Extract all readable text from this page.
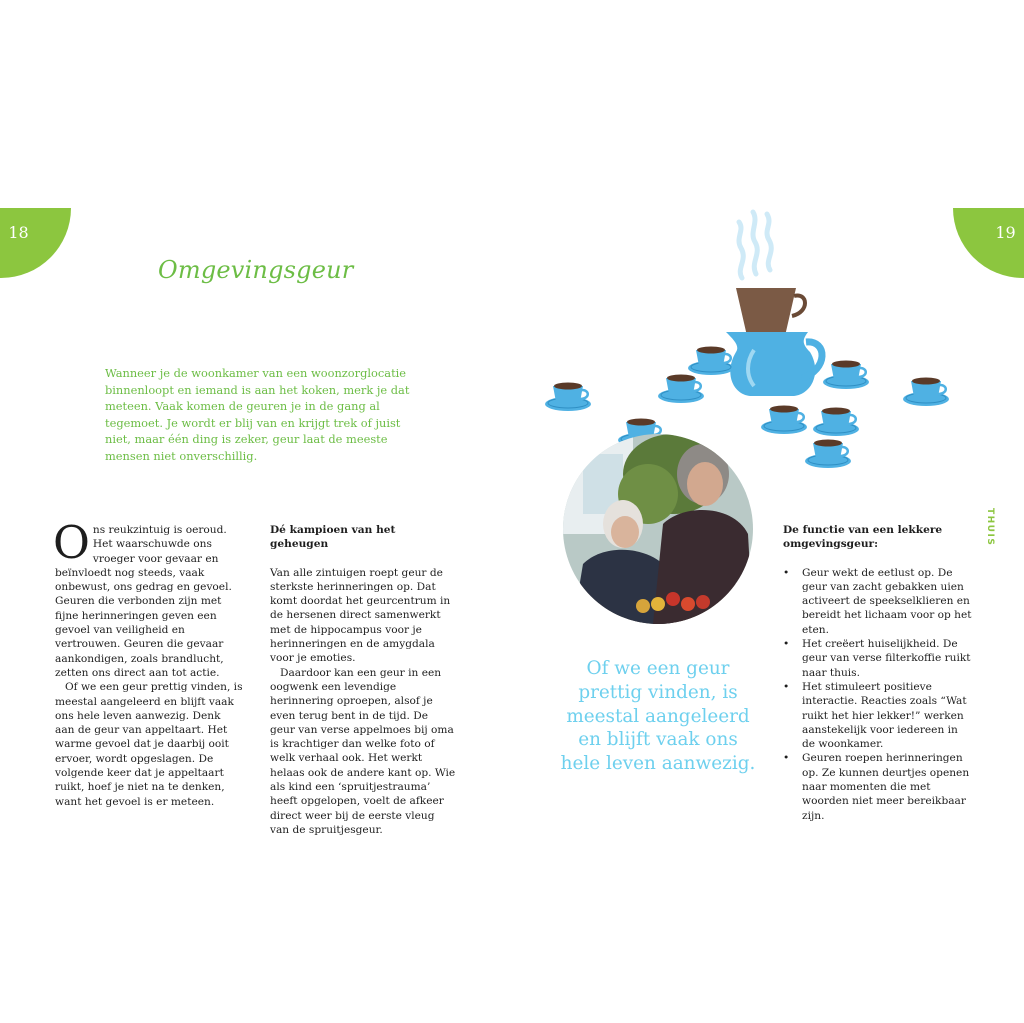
18	19
Omgevingsgeur
Wanneer je de woonkamer van een woonzorglocatie binnenloopt en iemand is aan het koken, merk je dat meteen. Vaak komen de geuren je in de gang al tegemoet. Je wordt er blij van en krijgt trek of juist niet, maar één ding is zeker, geur laat de meeste mensen niet onverschillig.

Ons reukzintuig is oeroud. Het waarschuwde ons vroeger voor gevaar en beïnvloedt nog steeds, vaak onbewust, ons gedrag en gevoel. Geuren die verbonden zijn met fijne herinneringen geven een gevoel van veiligheid en vertrouwen. Geuren die gevaar aankondigen, zoals brandlucht, zetten ons direct aan tot actie.

Of we een geur prettig vinden, is meestal aangeleerd en blijft vaak ons hele leven aanwezig. Denk aan de geur van appeltaart. Het warme gevoel dat je daarbij ooit ervoer, wordt opgeslagen. De volgende keer dat je appeltaart ruikt, hoef je niet na te denken, want het gevoel is er meteen.

Dé kampioen van het geheugen

Van alle zintuigen roept geur de sterkste herinneringen op. Dat komt doordat het geurcentrum in de hersenen direct samenwerkt met de hippocampus voor je herinneringen en de amygdala voor je emoties.

Daardoor kan een geur in een oogwenk een levendige herinnering oproepen, alsof je even terug bent in de tijd. De geur van verse appelmoes bij oma is krachtiger dan welke foto of welk verhaal ook. Het werkt helaas ook de andere kant op. Wie als kind een ‘spruitjestrauma’ heeft opgelopen, voelt de afkeer direct weer bij de eerste vleug van de spruitjesgeur.

Of we een geur prettig vinden, is meestal aangeleerd en blijft vaak ons hele leven aanwezig.

De functie van een lekkere omgevingsgeur:

• Geur wekt de eetlust op. De geur van zacht gebakken uien activeert de speekselklieren en bereidt het lichaam voor op het eten.
• Het creëert huiselijkheid. De geur van verse filterkoffie ruikt naar thuis.
• Het stimuleert positieve interactie. Reacties zoals “Wat ruikt het hier lekker!” werken aanstekelijk voor iedereen in de woonkamer.
• Geuren roepen herinneringen op. Ze kunnen deurtjes openen naar momenten die met woorden niet meer bereikbaar zijn.
THUIS
